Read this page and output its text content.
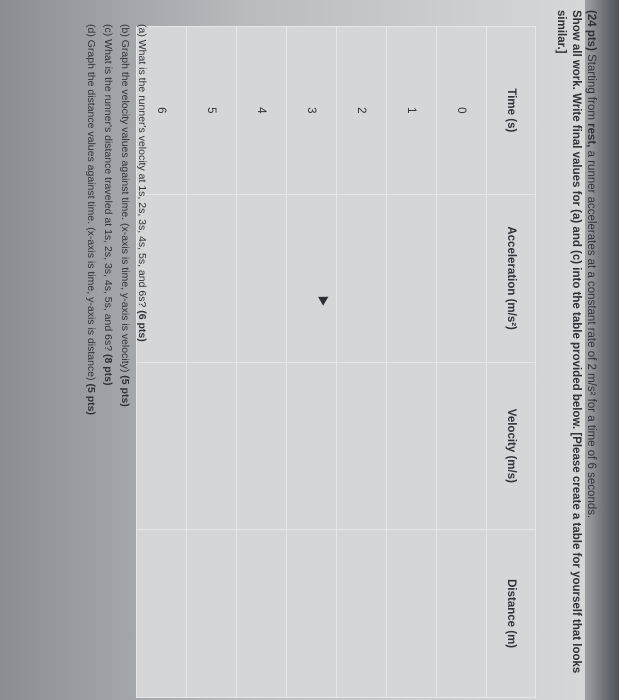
(24 pts) Starting from rest, a runner accelerates at a constant rate of 2 m/s² for a time of 6 seconds.
Show all work. Write final values for (a) and (c) into the table provided below. [Please create a table for yourself that looks similar.]
Time (s)	Acceleration (m/s²)	Velocity (m/s)	Distance (m)
0			
1			
2			
3			
4			
5			
6			
(a) What is the runner's velocity at 1s, 2s, 3s, 4s, 5s, and 6s? (6 pts)
(b) Graph the velocity values against time. (x-axis is time, y-axis is velocity) (5 pts)
(c) What is the runner's distance traveled at 1s, 2s, 3s, 4s, 5s, and 6s? (8 pts)
(d) Graph the distance values against time. (x-axis is time, y-axis is distance) (5 pts)
